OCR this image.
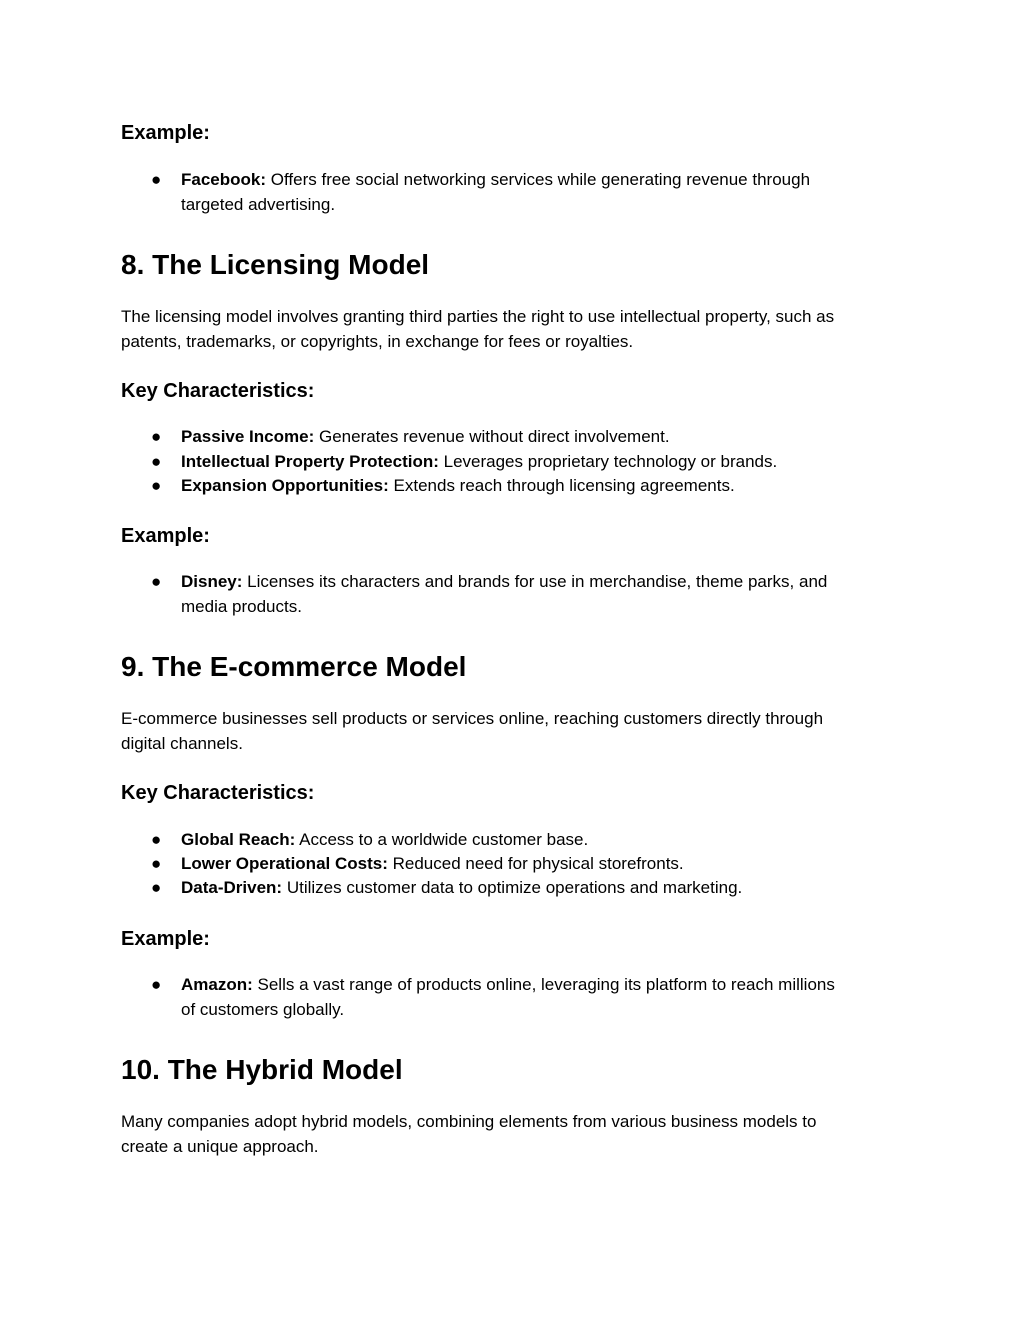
Example:
● Facebook: Offers free social networking services while generating revenue through
targeted advertising.
8. The Licensing Model
The licensing model involves granting third parties the right to use intellectual property, such as
patents, trademarks, or copyrights, in exchange for fees or royalties.
Key Characteristics:
● Passive Income: Generates revenue without direct involvement.
● Intellectual Property Protection: Leverages proprietary technology or brands.
● Expansion Opportunities: Extends reach through licensing agreements.
Example:
● Disney: Licenses its characters and brands for use in merchandise, theme parks, and
media products.
9. The E-commerce Model
E-commerce businesses sell products or services online, reaching customers directly through
digital channels.
Key Characteristics:
● Global Reach: Access to a worldwide customer base.
● Lower Operational Costs: Reduced need for physical storefronts.
● Data-Driven: Utilizes customer data to optimize operations and marketing.
Example:
● Amazon: Sells a vast range of products online, leveraging its platform to reach millions
of customers globally.
10. The Hybrid Model
Many companies adopt hybrid models, combining elements from various business models to
create a unique approach.
